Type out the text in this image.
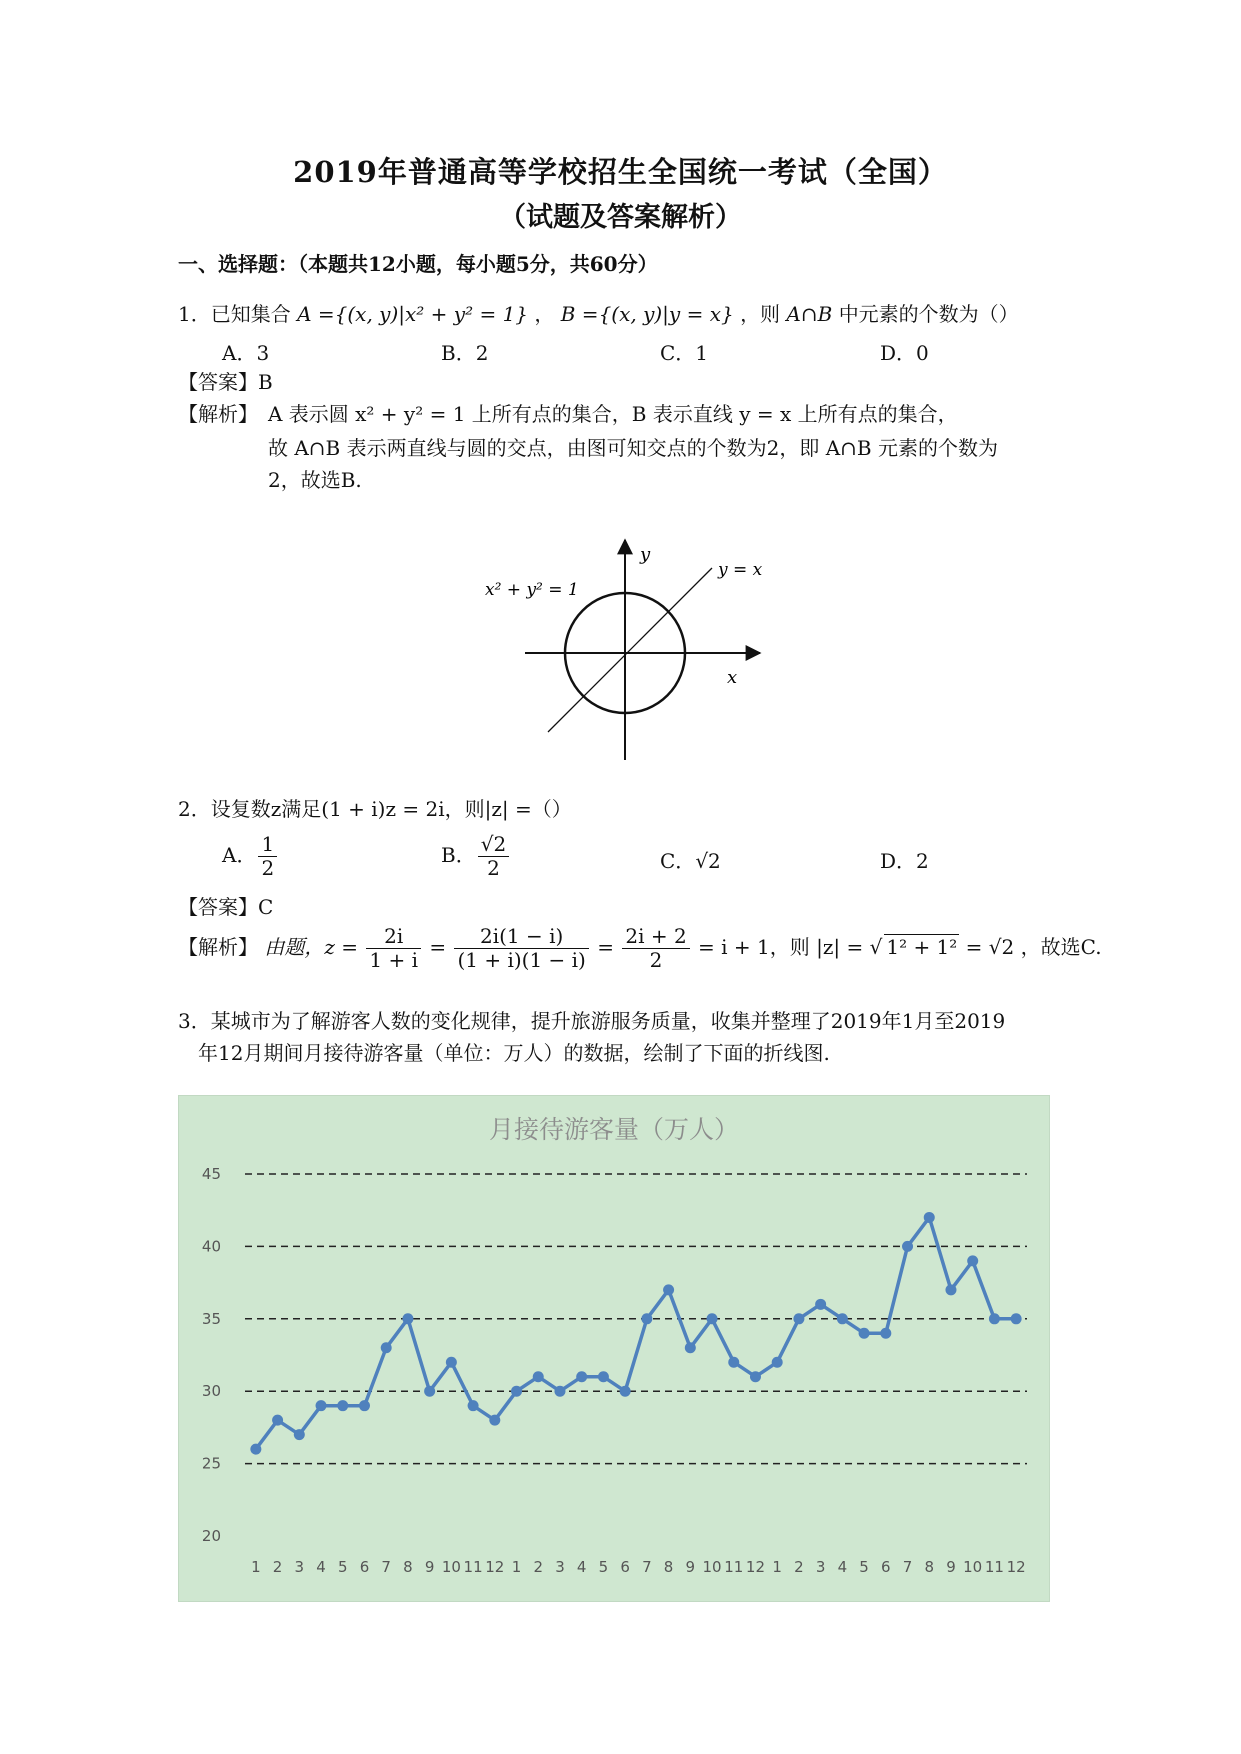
2019年普通高等学校招生全国统一考试（全国）
（试题及答案解析）
一、选择题：（本题共12小题，每小题5分，共60分）
1．已知集合 A ={(x, y)|x² + y² = 1} ， B ={(x, y)|y = x} ，则 A∩B 中元素的个数为（）
A．3	B．2	C．1	D．0
【答案】B
【解析】 A 表示圆 x² + y² = 1 上所有点的集合，B 表示直线 y = x 上所有点的集合，
故 A∩B 表示两直线与圆的交点，由图可知交点的个数为2，即 A∩B 元素的个数为
2，故选B.
y
x
x² + y² = 1
y = x
2．设复数z满足(1 + i)z = 2i，则|z| =（）
A． $\frac{1}{2}$	B． $\frac{√2}{2}$	C．√2	D．2
【答案】C
【解析】 由题，$z = \frac{2i}{1 + i} = \frac{2i(1 - i)}{(1 + i)(1 - i)} = \frac{2i + 2}{2} = i + 1$，则 |z| = √ 1² + 1² = √2 ，故选C.
3．某城市为了解游客人数的变化规律，提升旅游服务质量，收集并整理了2019年1月至2019
年12月期间月接待游客量（单位：万人）的数据，绘制了下面的折线图.
月接待游客量（万人）
20
25
30
35
40
45
1 2 3 4 5 6 7 8 9 10 11 12 1 2 3 4 5 6 7 8 9 10 11 12 1 2 3 4 5 6 7 8 9 10 11 12
